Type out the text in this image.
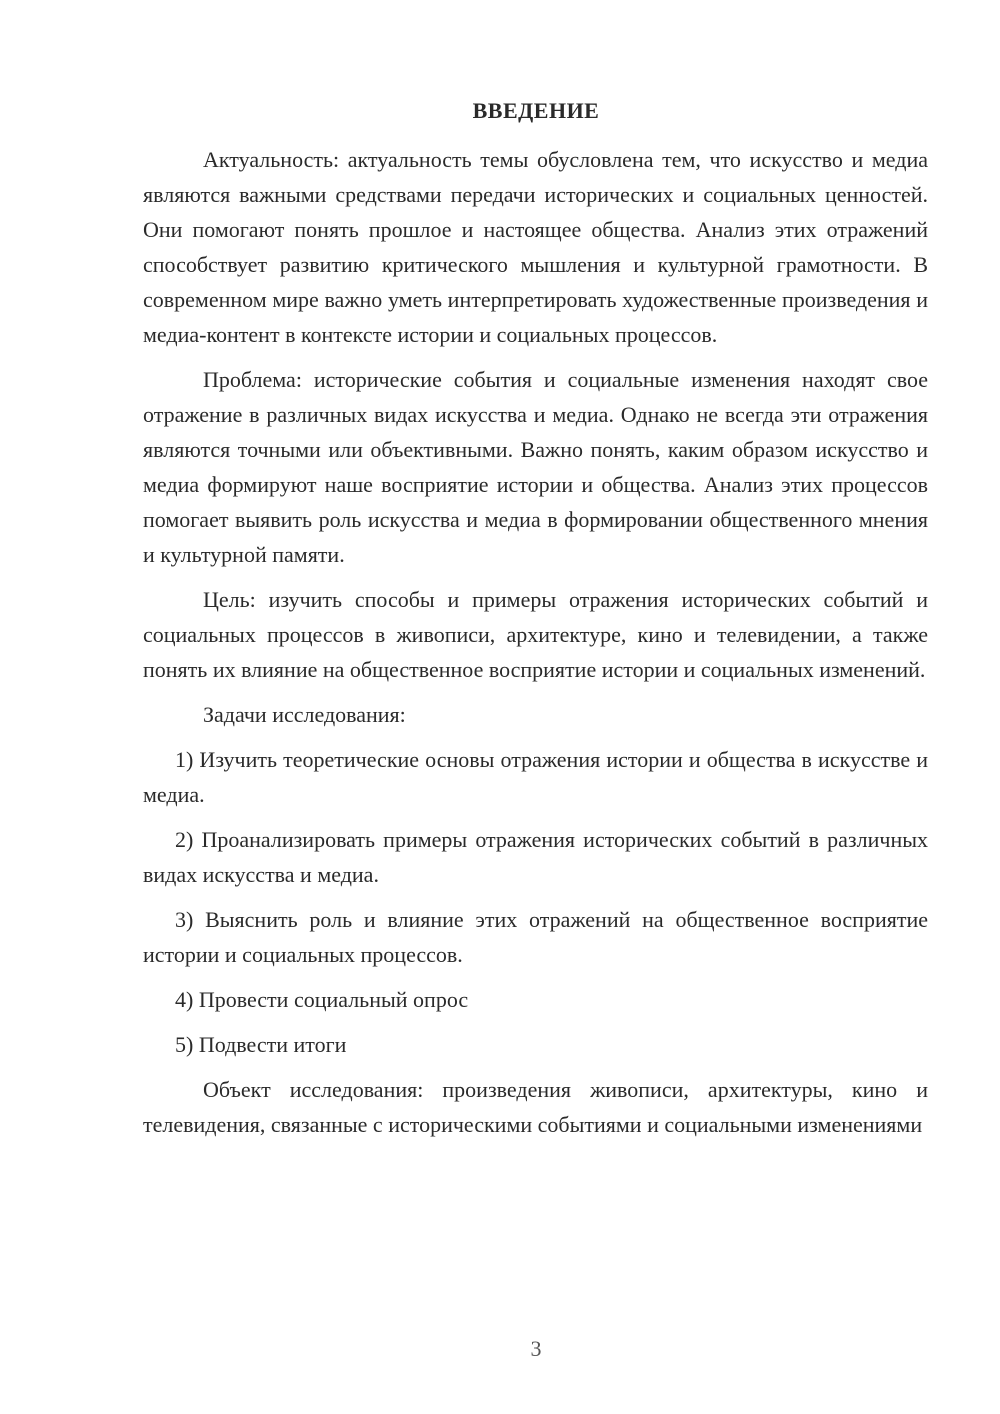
ВВЕДЕНИЕ

Актуальность: актуальность темы обусловлена тем, что искусство и медиа являются важными средствами передачи исторических и социальных ценностей. Они помогают понять прошлое и настоящее общества. Анализ этих отражений способствует развитию критического мышления и культурной грамотности. В современном мире важно уметь интерпретировать художественные произведения и медиа-контент в контексте истории и социальных процессов.

Проблема: исторические события и социальные изменения находят свое отражение в различных видах искусства и медиа. Однако не всегда эти отражения являются точными или объективными. Важно понять, каким образом искусство и медиа формируют наше восприятие истории и общества. Анализ этих процессов помогает выявить роль искусства и медиа в формировании общественного мнения и культурной памяти.

Цель: изучить способы и примеры отражения исторических событий и социальных процессов в живописи, архитектуре, кино и телевидении, а также понять их влияние на общественное восприятие истории и социальных изменений.

Задачи исследования:

1) Изучить теоретические основы отражения истории и общества в искусстве и медиа.

2) Проанализировать примеры отражения исторических событий в различных видах искусства и медиа.

3) Выяснить роль и влияние этих отражений на общественное восприятие истории и социальных процессов.

4) Провести социальный опрос

5) Подвести итоги

Объект исследования: произведения живописи, архитектуры, кино и телевидения, связанные с историческими событиями и социальными изменениями

3
